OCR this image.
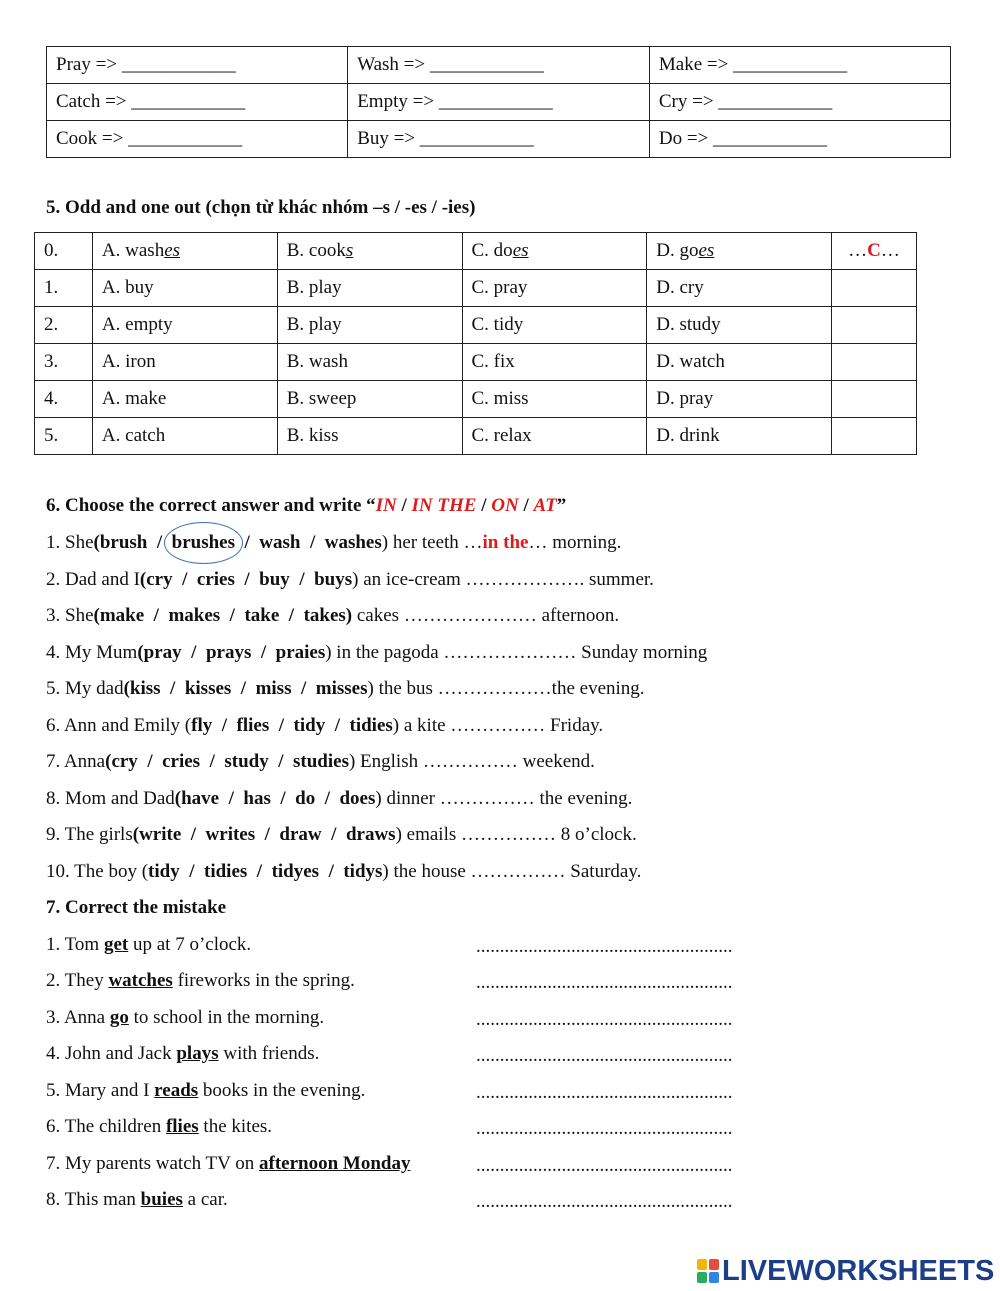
Pray => ____________	Wash => ____________	Make => ____________
Catch => ____________	Empty => ____________	Cry => ____________
Cook => ____________	Buy => ____________	Do => ____________
5. Odd and one out (chọn từ khác nhóm –s / -es / -ies)
0.	A. washes	B. cooks	C. does	D. goes	…C…
1.	A. buy	B. play	C. pray	D. cry	
2.	A. empty	B. play	C. tidy	D. study	
3.	A. iron	B. wash	C. fix	D. watch	
4.	A. make	B. sweep	C. miss	D. pray	
5.	A. catch	B. kiss	C. relax	D. drink	
6. Choose the correct answer and write “IN / IN THE / ON / AT”
1. She(brush  /  brushes  /  wash  /  washes) her teeth …in the… morning.
2. Dad and I(cry  /  cries  /  buy  /  buys) an ice-cream ………………. summer.
3. She(make  /  makes  /  take  /  takes) cakes ………………… afternoon.
4. My Mum(pray  /  prays  /  praies) in the pagoda ………………… Sunday morning
5. My dad(kiss  /  kisses  /  miss  /  misses) the bus ………………the evening.
6. Ann and Emily (fly  /  flies  /  tidy  /  tidies) a kite …………… Friday.
7. Anna(cry  /  cries  /  study  /  studies) English …………… weekend.
8. Mom and Dad(have  /  has  /  do  /  does) dinner …………… the evening.
9. The girls(write  /  writes  /  draw  /  draws) emails …………… 8 o’clock.
10. The boy (tidy  /  tidies  /  tidyes  /  tidys) the house …………… Saturday.
7. Correct the mistake
1. Tom get up at 7 o’clock.	......................................................
2. They watches fireworks in the spring.	......................................................
3. Anna go to school in the morning.	......................................................
4. John and Jack plays with friends.	......................................................
5. Mary and I reads books in the evening.	......................................................
6. The children flies the kites.	......................................................
7. My parents watch TV on afternoon Monday	......................................................
8. This man buies a car.	......................................................
LIVEWORKSHEETS
